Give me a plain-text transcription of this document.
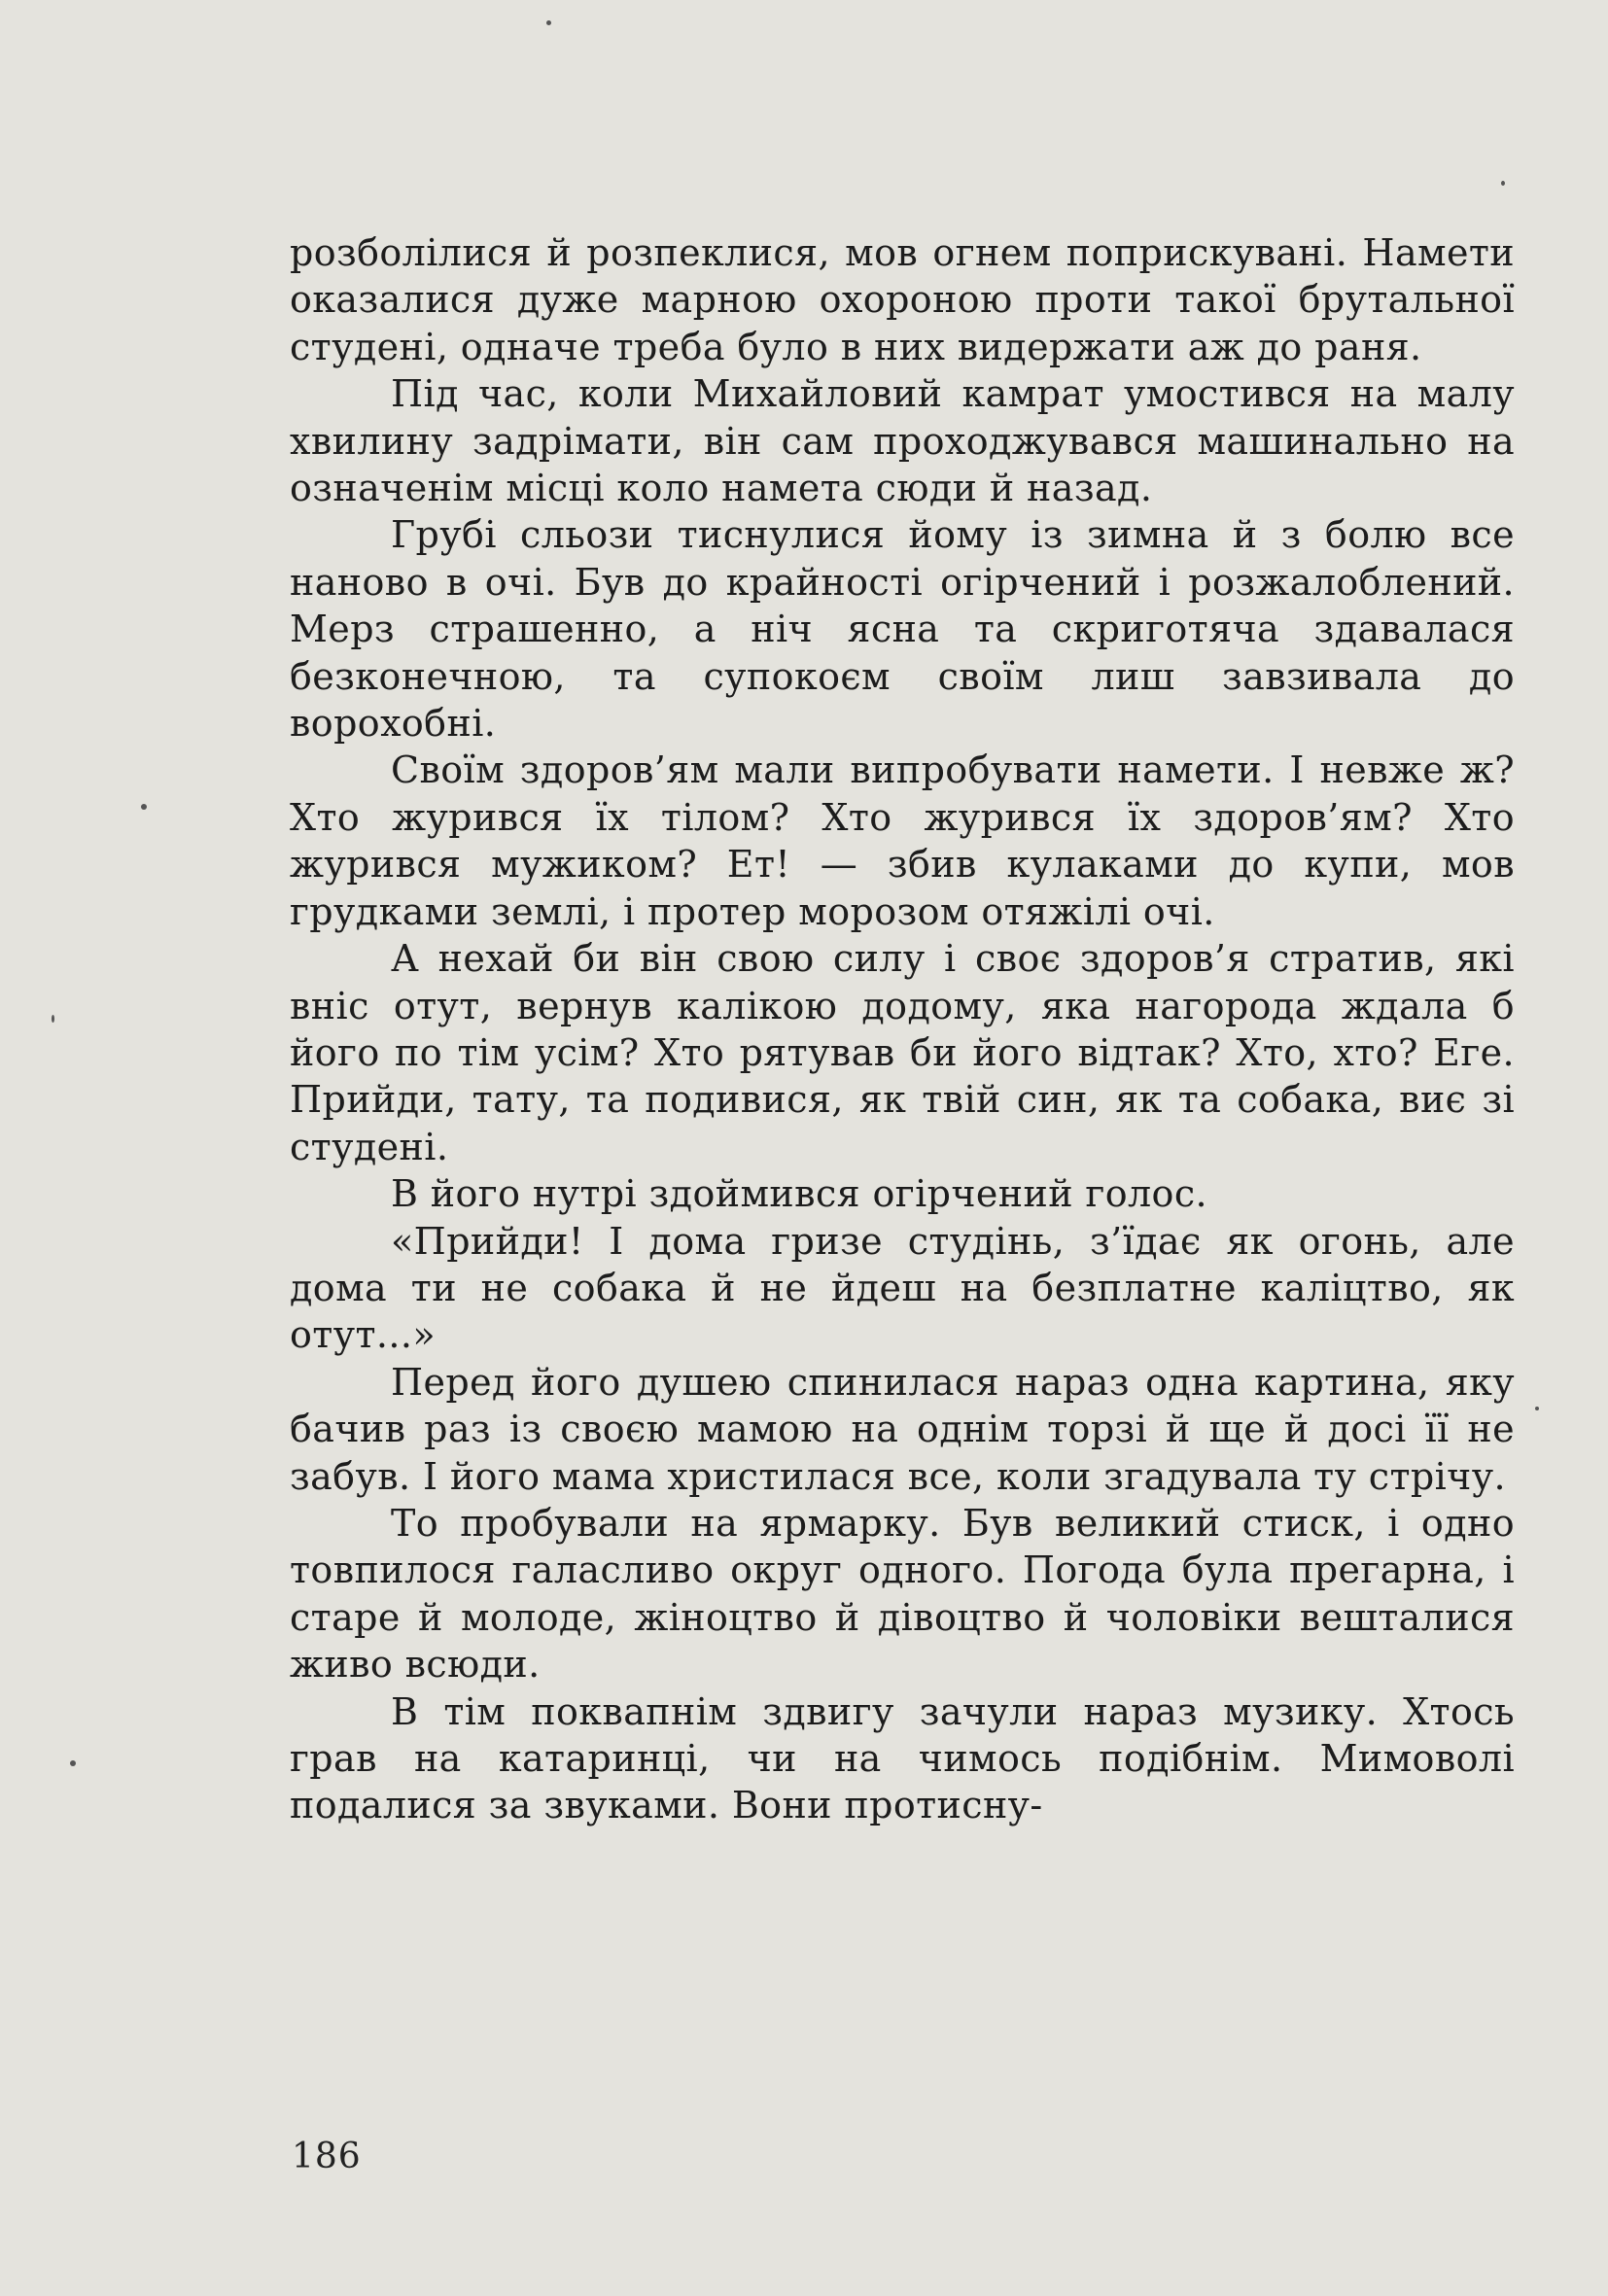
розболілися й розпеклися, мов огнем поприскувані. Намети оказалися дуже марною охороною проти такої брутальної студені, одначе треба було в них видержати аж до раня.

Під час, коли Михайловий камрат умостився на малу хвилину задрімати, він сам проходжувався машинально на означенім місці коло намета сюди й назад.

Грубі сльози тиснулися йому із зимна й з болю все наново в очі. Був до крайності огірчений і розжалоблений. Мерз страшенно, а ніч ясна та скриготяча здавалася безконечною, та супокоєм своїм лиш завзивала до ворохобні.

Своїм здоров’ям мали випробувати намети. І невже ж? Хто журився їх тілом? Хто журився їх здоров’ям? Хто журився мужиком? Ет! — збив кулаками до купи, мов грудками землі, і протер морозом отяжілі очі.

А нехай би він свою силу і своє здоров’я стратив, які вніс отут, вернув калікою додому, яка нагорода ждала б його по тім усім? Хто рятував би його відтак? Хто, хто? Еге. Прийди, тату, та подивися, як твій син, як та собака, виє зі студені.

В його нутрі здоймився огірчений голос.

«Прийди! І дома гризе студінь, з’їдає як огонь, але дома ти не собака й не йдеш на безплатне каліцтво, як отут...»

Перед його душею спинилася нараз одна картина, яку бачив раз із своєю мамою на однім торзі й ще й досі її не забув. І його мама христилася все, коли згадувала ту стрічу.

То пробували на ярмарку. Був великий стиск, і одно товпилося галасливо округ одного. Погода була прегарна, і старе й молоде, жіноцтво й дівоцтво й чоловіки вешталися живо всюди.

В тім поквапнім здвигу зачули нараз музику. Хтось грав на катаринці, чи на чимось подібнім. Мимоволі подалися за звуками. Вони протисну-

186
